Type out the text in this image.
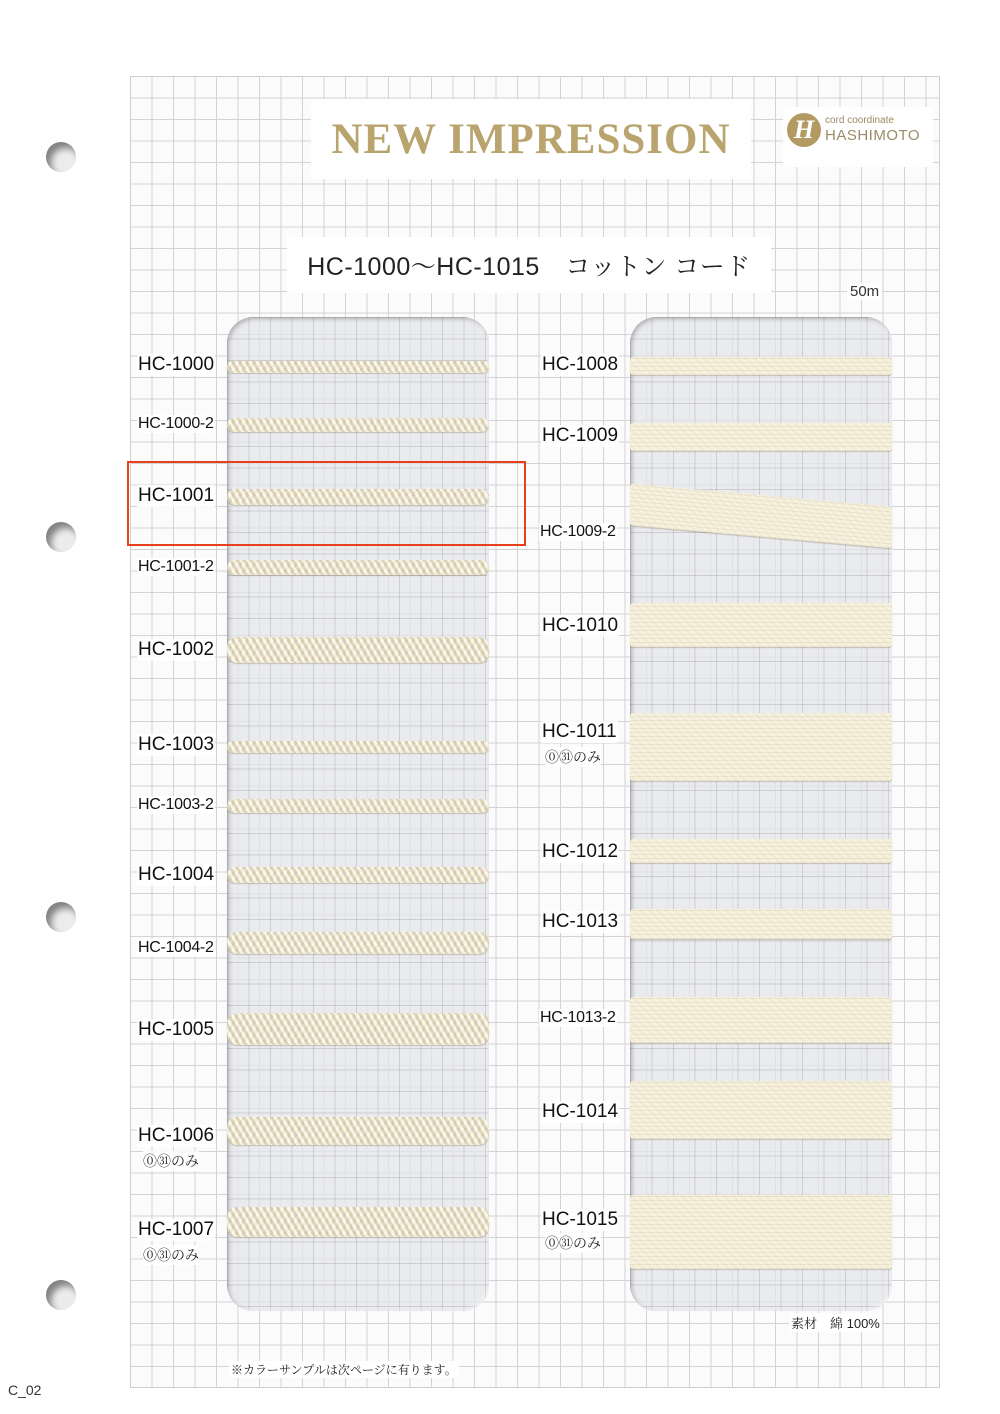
NEW IMPRESSION H	cord coordinate
HASHIMOTO
HC-1000〜HC-1015　コットン コード
50m
HC-1000
HC-1000-2
HC-1001
HC-1001-2
HC-1002
HC-1003
HC-1003-2
HC-1004
HC-1004-2
HC-1005
HC-1006
⓪㉛のみ
HC-1007
⓪㉛のみ
HC-1008
HC-1009
HC-1009-2
HC-1010
HC-1011
⓪㉛のみ
HC-1012
HC-1013
HC-1013-2
HC-1014
HC-1015
⓪㉛のみ
素材　綿 100%
※カラーサンプルは次ページに有ります。
C_02
